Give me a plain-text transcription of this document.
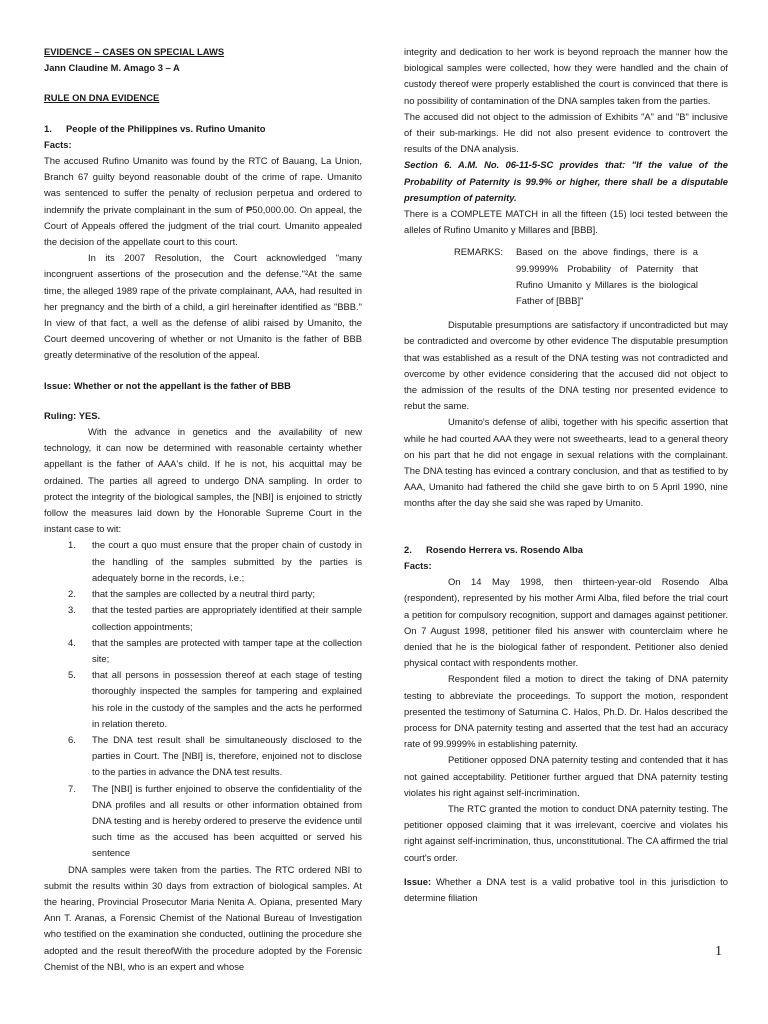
EVIDENCE – CASES ON SPECIAL LAWS

Jann Claudine M. Amago 3 – A

RULE ON DNA EVIDENCE

1.	People of the Philippines vs. Rufino Umanito

Facts:

The accused Rufino Umanito was found by the RTC of Bauang, La Union, Branch 67 guilty beyond reasonable doubt of the crime of rape. Umanito was sentenced to suffer the penalty of reclusion perpetua and ordered to indemnify the private complainant in the sum of ₱50,000.00. On appeal, the Court of Appeals offered the judgment of the trial court. Umanito appealed the decision of the appellate court to this court.

In its 2007 Resolution, the Court acknowledged "many incongruent assertions of the prosecution and the defense."²At the same time, the alleged 1989 rape of the private complainant, AAA, had resulted in her pregnancy and the birth of a child, a girl hereinafter identified as "BBB." In view of that fact, a well as the defense of alibi raised by Umanito, the Court deemed uncovering of whether or not Umanito is the father of BBB greatly determinative of the resolution of the appeal.

Issue: Whether or not the appellant is the father of BBB

Ruling: YES.

With the advance in genetics and the availability of new technology, it can now be determined with reasonable certainty whether appellant is the father of AAA's child. If he is not, his acquittal may be ordained. The parties all agreed to undergo DNA sampling. In order to protect the integrity of the biological samples, the [NBI] is enjoined to strictly follow the measures laid down by the Honorable Supreme Court in the instant case to wit:

1.	the court a quo must ensure that the proper chain of custody in the handling of the samples submitted by the parties is adequately borne in the records, i.e.;
2.	that the samples are collected by a neutral third party;
3.	that the tested parties are appropriately identified at their sample collection appointments;
4.	that the samples are protected with tamper tape at the collection site;
5.	that all persons in possession thereof at each stage of testing thoroughly inspected the samples for tampering and explained his role in the custody of the samples and the acts he performed in relation thereto.
6.	The DNA test result shall be simultaneously disclosed to the parties in Court. The [NBI] is, therefore, enjoined not to disclose to the parties in advance the DNA test results.
7.	The [NBI] is further enjoined to observe the confidentiality of the DNA profiles and all results or other information obtained from DNA testing and is hereby ordered to preserve the evidence until such time as the accused has been acquitted or served his sentence

DNA samples were taken from the parties. The RTC ordered NBI to submit the results within 30 days from extraction of biological samples. At the hearing, Provincial Prosecutor Maria Nenita A. Opiana, presented Mary Ann T. Aranas, a Forensic Chemist of the National Bureau of Investigation who testified on the examination she conducted, outlining the procedure she adopted and the result thereofWith the procedure adopted by the Forensic Chemist of the NBI, who is an expert and whose

integrity and dedication to her work is beyond reproach the manner how the biological samples were collected, how they were handled and the chain of custody thereof were properly established the court is convinced that there is no possibility of contamination of the DNA samples taken from the parties.

The accused did not object to the admission of Exhibits "A" and "B" inclusive of their sub-markings. He did not also present evidence to controvert the results of the DNA analysis.

Section 6. A.M. No. 06-11-5-SC provides that: "If the value of the Probability of Paternity is 99.9% or higher, there shall be a disputable presumption of paternity.

There is a COMPLETE MATCH in all the fifteen (15) loci tested between the alleles of Rufino Umanito y Millares and [BBB].

REMARKS:	Based on the above findings, there is a 99.9999% Probability of Paternity that Rufino Umanito y Millares is the biological Father of [BBB]"

Disputable presumptions are satisfactory if uncontradicted but may be contradicted and overcome by other evidence The disputable presumption that was established as a result of the DNA testing was not contradicted and overcome by other evidence considering that the accused did not object to the admission of the results of the DNA testing nor presented evidence to rebut the same.

Umanito's defense of alibi, together with his specific assertion that while he had courted AAA they were not sweethearts, lead to a general theory on his part that he did not engage in sexual relations with the complainant. The DNA testing has evinced a contrary conclusion, and that as testified to by AAA, Umanito had fathered the child she gave birth to on 5 April 1990, nine months after the day she said she was raped by Umanito.

2.	Rosendo Herrera vs. Rosendo Alba

Facts:

On 14 May 1998, then thirteen-year-old Rosendo Alba (respondent), represented by his mother Armi Alba, filed before the trial court a petition for compulsory recognition, support and damages against petitioner. On 7 August 1998, petitioner filed his answer with counterclaim where he denied that he is the biological father of respondent. Petitioner also denied physical contact with respondents mother.

Respondent filed a motion to direct the taking of DNA paternity testing to abbreviate the proceedings. To support the motion, respondent presented the testimony of Saturnina C. Halos, Ph.D. Dr. Halos described the process for DNA paternity testing and asserted that the test had an accuracy rate of 99.9999% in establishing paternity.

Petitioner opposed DNA paternity testing and contended that it has not gained acceptability. Petitioner further argued that DNA paternity testing violates his right against self-incrimination.

The RTC granted the motion to conduct DNA paternity testing. The petitioner opposed claiming that it was irrelevant, coercive and violates his right against self-incrimination, thus, unconstitutional. The CA affirmed the trial court's order.

Issue: Whether a DNA test is a valid probative tool in this jurisdiction to determine filiation

1
